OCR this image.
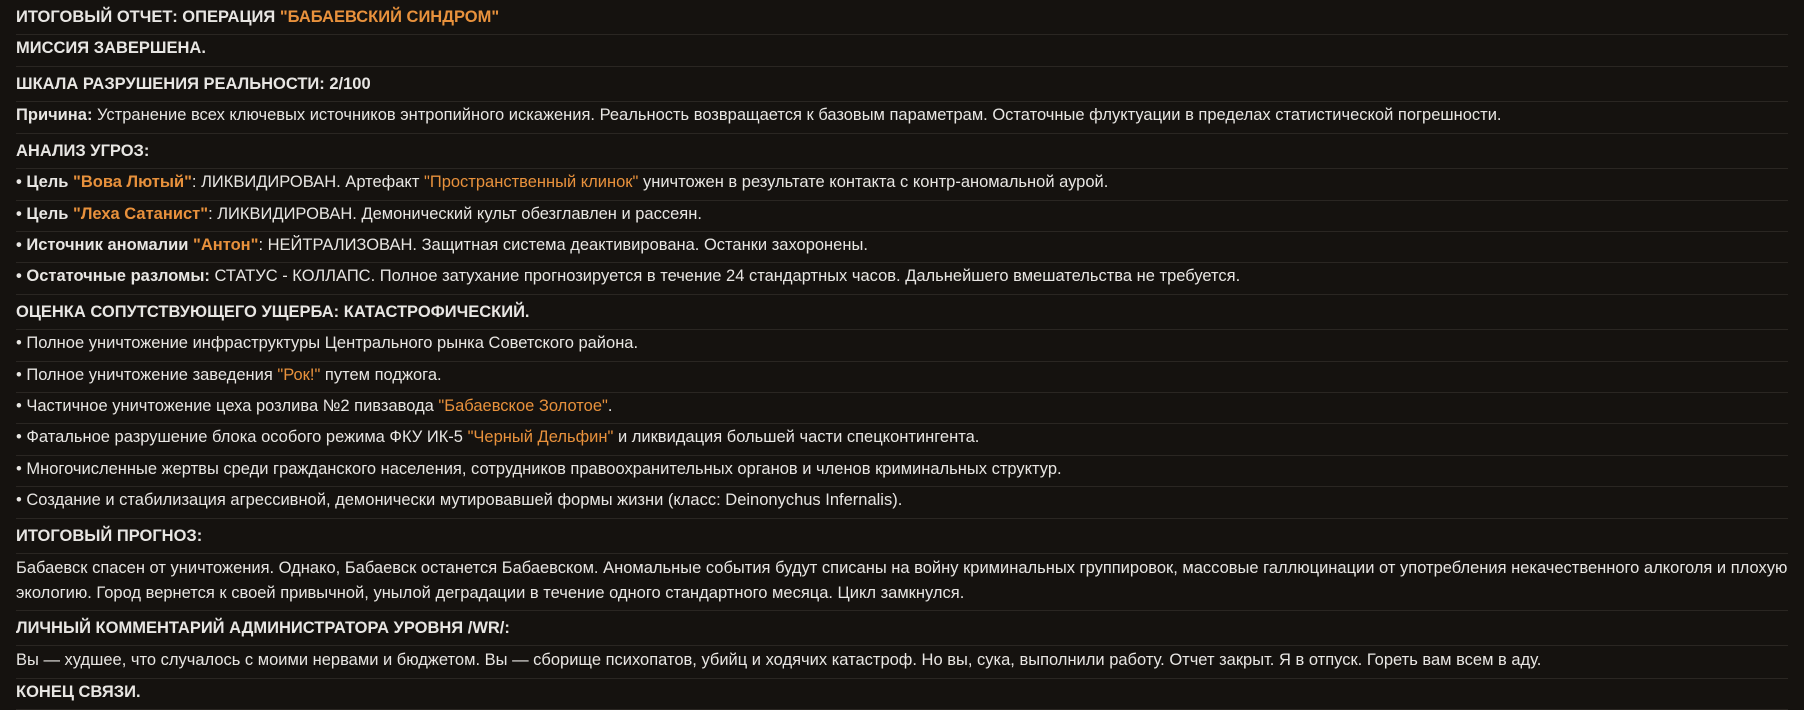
ИТОГОВЫЙ ОТЧЕТ: ОПЕРАЦИЯ "БАБАЕВСКИЙ СИНДРОМ"
МИССИЯ ЗАВЕРШЕНА.
ШКАЛА РАЗРУШЕНИЯ РЕАЛЬНОСТИ: 2/100
Причина: Устранение всех ключевых источников энтропийного искажения. Реальность возвращается к базовым параметрам. Остаточные флуктуации в пределах статистической погрешности.
АНАЛИЗ УГРОЗ:
• Цель "Вова Лютый": ЛИКВИДИРОВАН. Артефакт "Пространственный клинок" уничтожен в результате контакта с контр-аномальной аурой.
• Цель "Леха Сатанист": ЛИКВИДИРОВАН. Демонический культ обезглавлен и рассеян.
• Источник аномалии "Антон": НЕЙТРАЛИЗОВАН. Защитная система деактивирована. Останки захоронены.
• Остаточные разломы: СТАТУС - КОЛЛАПС. Полное затухание прогнозируется в течение 24 стандартных часов. Дальнейшего вмешательства не требуется.
ОЦЕНКА СОПУТСТВУЮЩЕГО УЩЕРБА: КАТАСТРОФИЧЕСКИЙ.
• Полное уничтожение инфраструктуры Центрального рынка Советского района.
• Полное уничтожение заведения "Рок!" путем поджога.
• Частичное уничтожение цеха розлива №2 пивзавода "Бабаевское Золотое".
• Фатальное разрушение блока особого режима ФКУ ИК-5 "Черный Дельфин" и ликвидация большей части спецконтингента.
• Многочисленные жертвы среди гражданского населения, сотрудников правоохранительных органов и членов криминальных структур.
• Создание и стабилизация агрессивной, демонически мутировавшей формы жизни (класс: Deinonychus Infernalis).
ИТОГОВЫЙ ПРОГНОЗ:
Бабаевск спасен от уничтожения. Однако, Бабаевск останется Бабаевском. Аномальные события будут списаны на войну криминальных группировок, массовые галлюцинации от употребления некачественного алкоголя и плохую экологию. Город вернется к своей привычной, унылой деградации в течение одного стандартного месяца. Цикл замкнулся.
ЛИЧНЫЙ КОММЕНТАРИЙ АДМИНИСТРАТОРА УРОВНЯ /WR/:
Вы — худшее, что случалось с моими нервами и бюджетом. Вы — сборище психопатов, убийц и ходячих катастроф. Но вы, сука, выполнили работу. Отчет закрыт. Я в отпуск. Гореть вам всем в аду.
КОНЕЦ СВЯЗИ.
